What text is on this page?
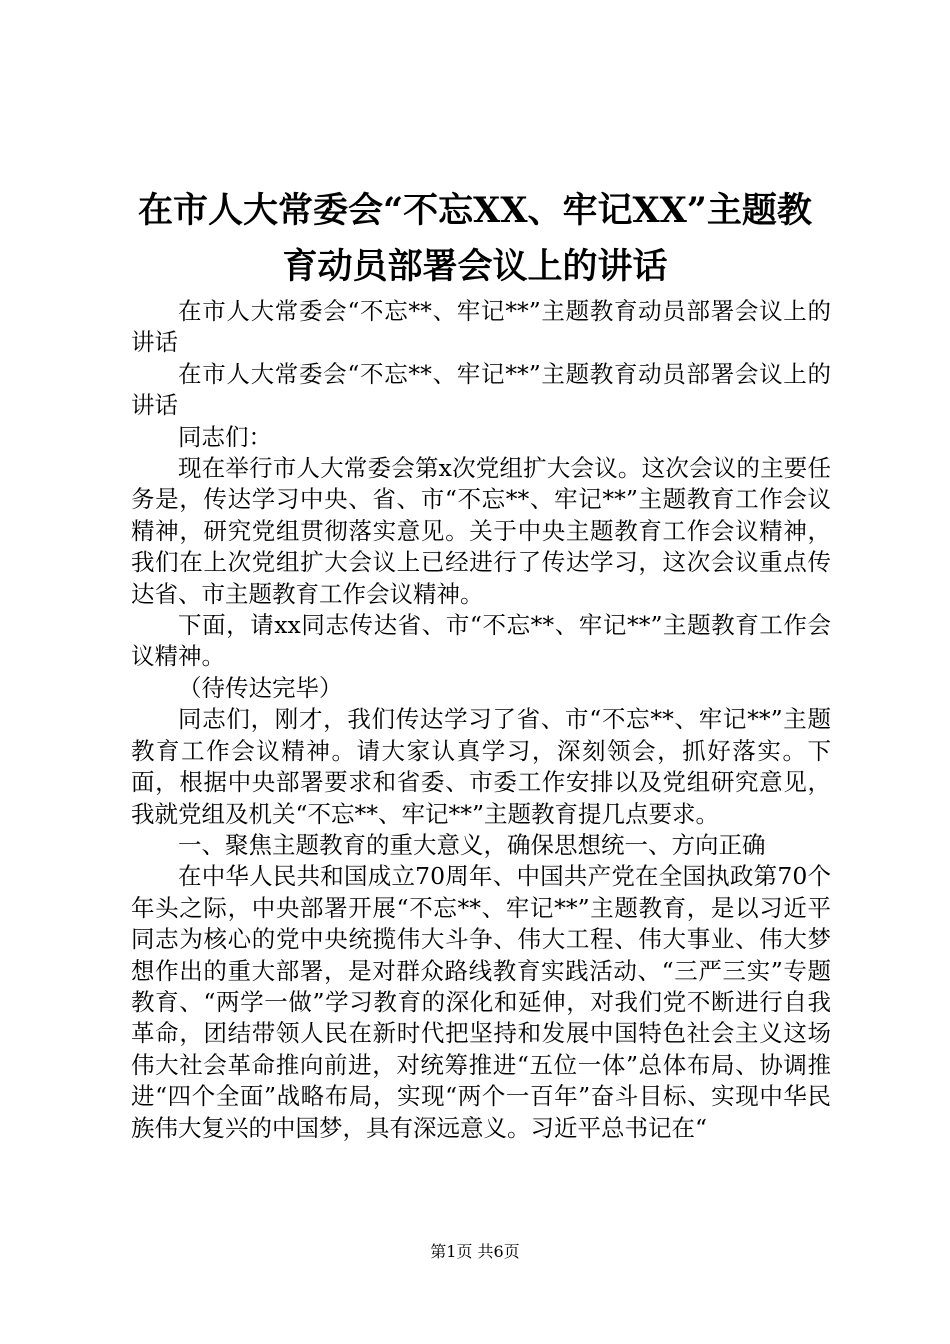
在市人大常委会“不忘XX、牢记XX”主题教
育动员部署会议上的讲话

在市人大常委会“不忘**、牢记**”主题教育动员部署会议上的讲话

在市人大常委会“不忘**、牢记**”主题教育动员部署会议上的讲话

同志们：

现在举行市人大常委会第x次党组扩大会议。这次会议的主要任务是，传达学习中央、省、市“不忘**、牢记**”主题教育工作会议精神，研究党组贯彻落实意见。关于中央主题教育工作会议精神，我们在上次党组扩大会议上已经进行了传达学习，这次会议重点传达省、市主题教育工作会议精神。

下面，请xx同志传达省、市“不忘**、牢记**”主题教育工作会议精神。

（待传达完毕）

同志们，刚才，我们传达学习了省、市“不忘**、牢记**”主题教育工作会议精神。请大家认真学习，深刻领会，抓好落实。下面，根据中央部署要求和省委、市委工作安排以及党组研究意见，我就党组及机关“不忘**、牢记**”主题教育提几点要求。

一、聚焦主题教育的重大意义，确保思想统一、方向正确

在中华人民共和国成立70周年、中国共产党在全国执政第70个年头之际，中央部署开展“不忘**、牢记**”主题教育，是以习近平同志为核心的党中央统揽伟大斗争、伟大工程、伟大事业、伟大梦想作出的重大部署，是对群众路线教育实践活动、“三严三实”专题教育、“两学一做”学习教育的深化和延伸，对我们党不断进行自我革命，团结带领人民在新时代把坚持和发展中国特色社会主义这场伟大社会革命推向前进，对统筹推进“五位一体”总体布局、协调推进“四个全面”战略布局，实现“两个一百年”奋斗目标、实现中华民族伟大复兴的中国梦，具有深远意义。习近平总书记在“

第1页 共6页
